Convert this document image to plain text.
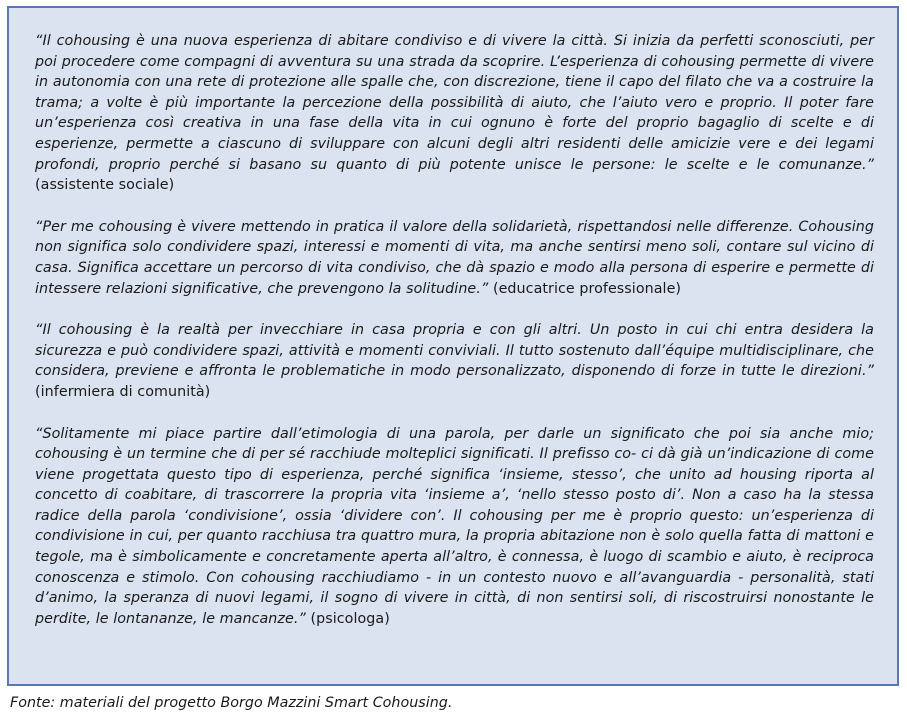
“Il cohousing è una nuova esperienza di abitare condiviso e di vivere la città. Si inizia da perfetti sconosciuti, per poi procedere come compagni di avventura su una strada da scoprire. L’esperienza di cohousing permette di vivere in autonomia con una rete di protezione alle spalle che, con discrezione, tiene il capo del filato che va a costruire la trama; a volte è più importante la percezione della possibilità di aiuto, che l’aiuto vero e proprio. Il poter fare un’esperienza così creativa in una fase della vita in cui ognuno è forte del proprio bagaglio di scelte e di esperienze, permette a ciascuno di sviluppare con alcuni degli altri residenti delle amicizie vere e dei legami profondi, proprio perché si basano su quanto di più potente unisce le persone: le scelte e le comunanze.” (assistente sociale)

“Per me cohousing è vivere mettendo in pratica il valore della solidarietà, rispettandosi nelle differenze. Cohousing non significa solo condividere spazi, interessi e momenti di vita, ma anche sentirsi meno soli, contare sul vicino di casa. Significa accettare un percorso di vita condiviso, che dà spazio e modo alla persona di esperire e permette di intessere relazioni significative, che prevengono la solitudine.” (educatrice professionale)

“Il cohousing è la realtà per invecchiare in casa propria e con gli altri. Un posto in cui chi entra desidera la sicurezza e può condividere spazi, attività e momenti conviviali. Il tutto sostenuto dall’équipe multidisciplinare, che considera, previene e affronta le problematiche in modo personalizzato, disponendo di forze in tutte le direzioni.” (infermiera di comunità)

“Solitamente mi piace partire dall’etimologia di una parola, per darle un significato che poi sia anche mio; cohousing è un termine che di per sé racchiude molteplici significati. Il prefisso co- ci dà già un’indicazione di come viene progettata questo tipo di esperienza, perché significa ‘insieme, stesso’, che unito ad housing riporta al concetto di coabitare, di trascorrere la propria vita ‘insieme a’, ‘nello stesso posto di’. Non a caso ha la stessa radice della parola ‘condivisione’, ossia ‘dividere con’. Il cohousing per me è proprio questo: un’esperienza di condivisione in cui, per quanto racchiusa tra quattro mura, la propria abitazione non è solo quella fatta di mattoni e tegole, ma è simbolicamente e concretamente aperta all’altro, è connessa, è luogo di scambio e aiuto, è reciproca conoscenza e stimolo. Con cohousing racchiudiamo - in un contesto nuovo e all’avanguardia - personalità, stati d’animo, la speranza di nuovi legami, il sogno di vivere in città, di non sentirsi soli, di riscostruirsi nonostante le perdite, le lontananze, le mancanze.” (psicologa)

Fonte: materiali del progetto Borgo Mazzini Smart Cohousing.
